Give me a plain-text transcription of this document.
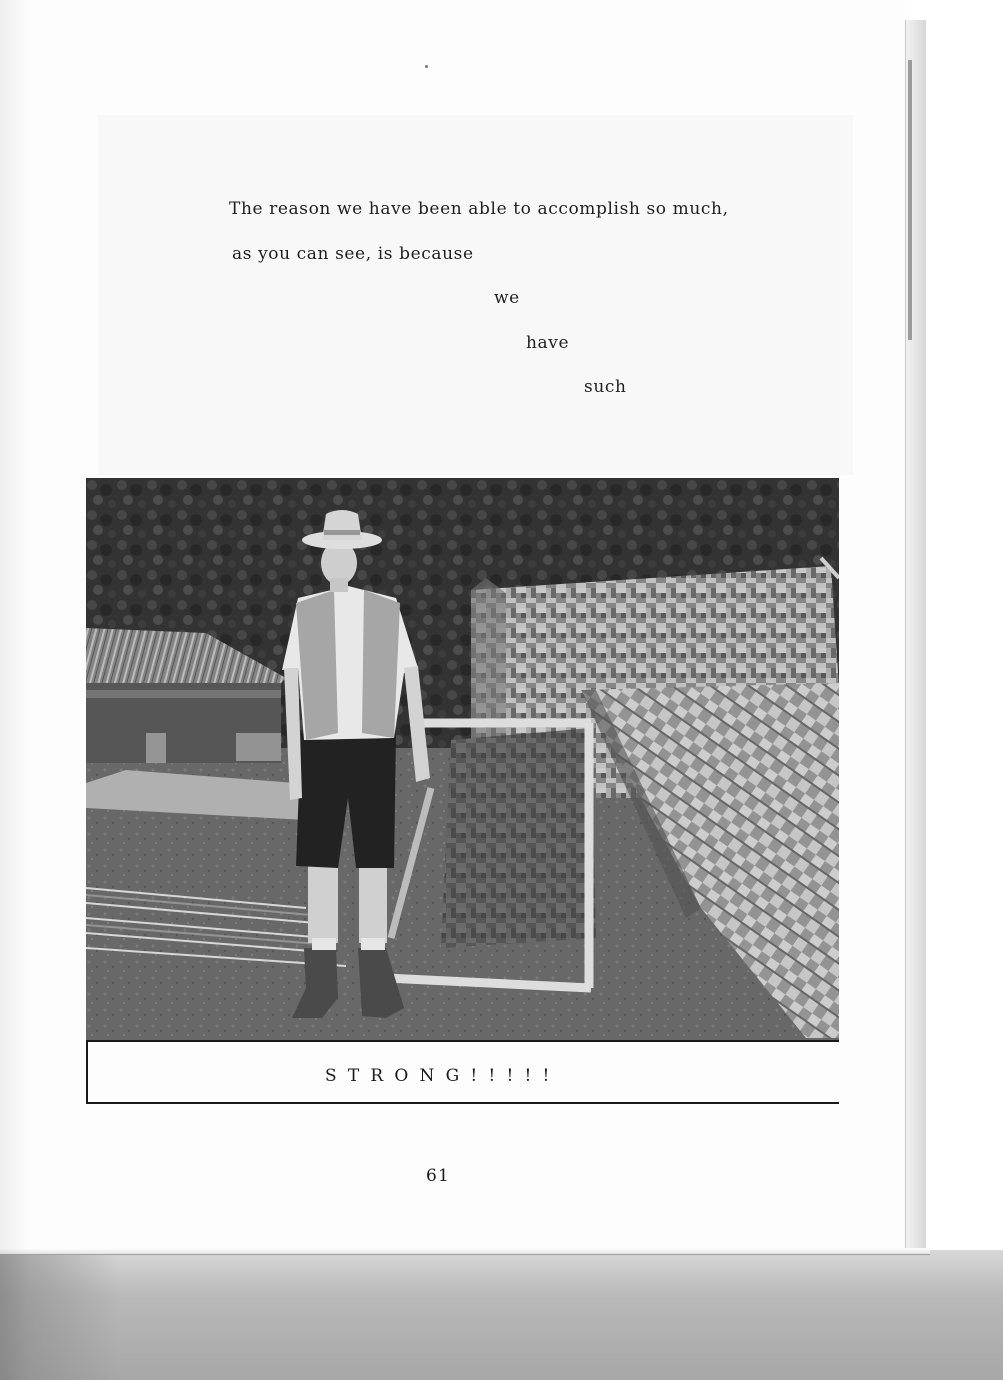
The reason we have been able to accomplish so much,
as you can see, is because
we
have
such
STRONG!!!!!
61
